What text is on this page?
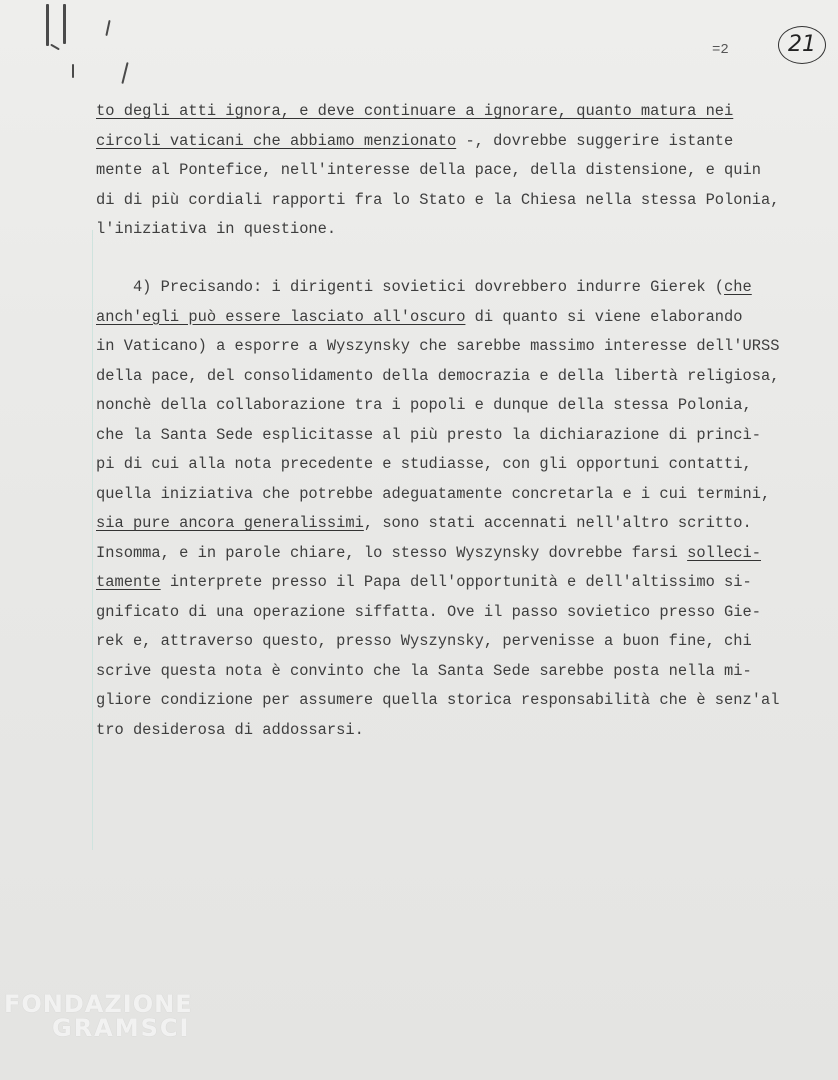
=2	21
to degli atti ignora, e deve continuare a ignorare, quanto matura nei
circoli vaticani che abbiamo menzionato -, dovrebbe suggerire istante
mente al Pontefice, nell'interesse della pace, della distensione, e quin
di di più cordiali rapporti fra lo Stato e la Chiesa nella stessa Polonia,
l'iniziativa in questione.
4) Precisando: i dirigenti sovietici dovrebbero indurre Gierek (che
anch'egli può essere lasciato all'oscuro di quanto si viene elaborando
in Vaticano) a esporre a Wyszynsky che sarebbe massimo interesse dell'URSS
della pace, del consolidamento della democrazia e della libertà religiosa,
nonchè della collaborazione tra i popoli e dunque della stessa Polonia,
che la Santa Sede esplicitasse al più presto la dichiarazione di princì-
pi di cui alla nota precedente e studiasse, con gli opportuni contatti,
quella iniziativa che potrebbe adeguatamente concretarla e i cui termini,
sia pure ancora generalissimi, sono stati accennati nell'altro scritto.
Insomma, e in parole chiare, lo stesso Wyszynsky dovrebbe farsi solleci-
tamente interprete presso il Papa dell'opportunità e dell'altissimo si-
gnificato di una operazione siffatta. Ove il passo sovietico presso Gie-
rek e, attraverso questo, presso Wyszynsky, pervenisse a buon fine, chi
scrive questa nota è convinto che la Santa Sede sarebbe posta nella mi-
gliore condizione per assumere quella storica responsabilità che è senz'al
tro desiderosa di addossarsi.
FONDAZIONE
GRAMSCI
